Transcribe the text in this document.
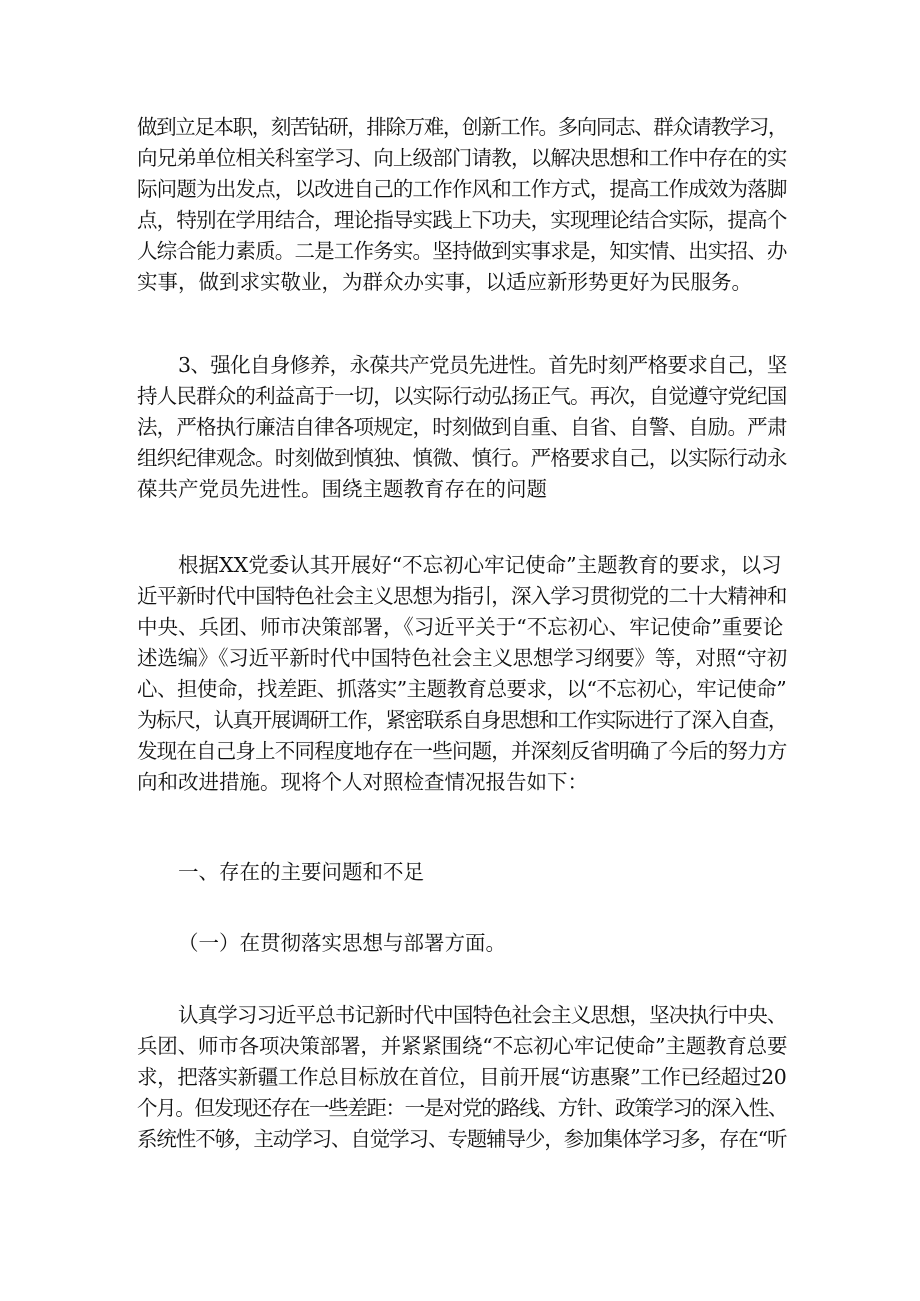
做到立足本职，刻苦钻研，排除万难，创新工作。多向同志、群众请教学习，
向兄弟单位相关科室学习、向上级部门请教，以解决思想和工作中存在的实
际问题为出发点，以改进自己的工作作风和工作方式，提高工作成效为落脚
点，特别在学用结合，理论指导实践上下功夫，实现理论结合实际，提高个
人综合能力素质。二是工作务实。坚持做到实事求是，知实情、出实招、办
实事，做到求实敬业，为群众办实事，以适应新形势更好为民服务。
3、强化自身修养，永葆共产党员先进性。首先时刻严格要求自己，坚
持人民群众的利益高于一切，以实际行动弘扬正气。再次，自觉遵守党纪国
法，严格执行廉洁自律各项规定，时刻做到自重、自省、自警、自励。严肃
组织纪律观念。时刻做到慎独、慎微、慎行。严格要求自己，以实际行动永
葆共产党员先进性。围绕主题教育存在的问题
根据XX党委认其开展好“不忘初心牢记使命”主题教育的要求，以习
近平新时代中国特色社会主义思想为指引，深入学习贯彻党的二十大精神和
中央、兵团、师市决策部署，《习近平关于“不忘初心、牢记使命”重要论
述选编》《习近平新时代中国特色社会主义思想学习纲要》等，对照“守初
心、担使命，找差距、抓落实”主题教育总要求，以“不忘初心，牢记使命”
为标尺，认真开展调研工作，紧密联系自身思想和工作实际进行了深入自查，
发现在自己身上不同程度地存在一些问题，并深刻反省明确了今后的努力方
向和改进措施。现将个人对照检查情况报告如下：

一、存在的主要问题和不足

（一）在贯彻落实思想与部署方面。

认真学习习近平总书记新时代中国特色社会主义思想，坚决执行中央、
兵团、师市各项决策部署，并紧紧围绕“不忘初心牢记使命”主题教育总要
求，把落实新疆工作总目标放在首位，目前开展“访惠聚”工作已经超过20
个月。但发现还存在一些差距：一是对党的路线、方针、政策学习的深入性、
系统性不够，主动学习、自觉学习、专题辅导少，参加集体学习多，存在“听
